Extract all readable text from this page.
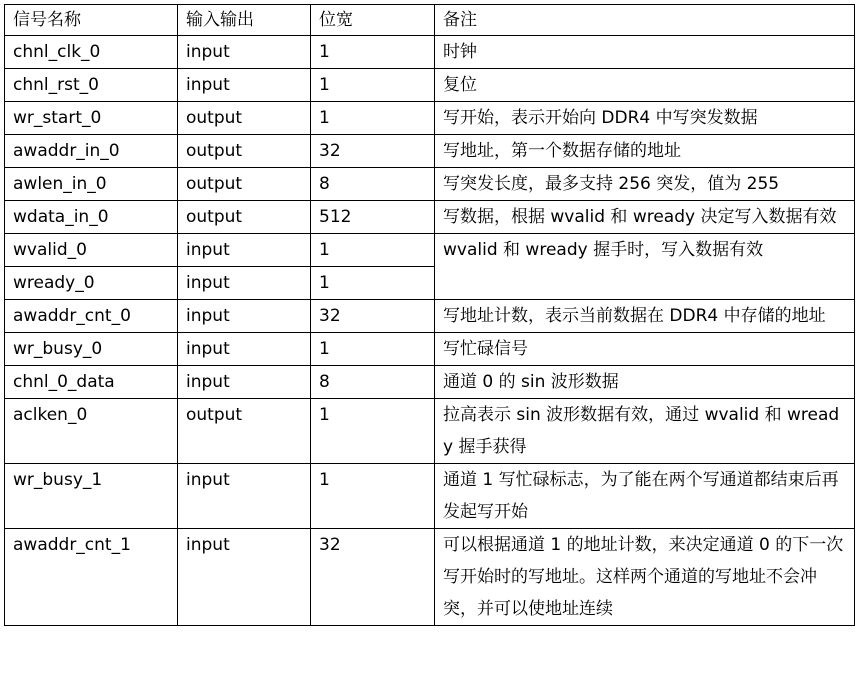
信号名称	输入输出	位宽	备注
chnl_clk_0	input	1	时钟
chnl_rst_0	input	1	复位
wr_start_0	output	1	写开始，表示开始向 DDR4 中写突发数据
awaddr_in_0	output	32	写地址，第一个数据存储的地址
awlen_in_0	output	8	写突发长度，最多支持 256 突发，值为 255
wdata_in_0	output	512	写数据，根据 wvalid 和 wready 决定写入数据有效
wvalid_0	input	1	wvalid 和 wready 握手时，写入数据有效
wready_0	input	1	
awaddr_cnt_0	input	32	写地址计数，表示当前数据在 DDR4 中存储的地址
wr_busy_0	input	1	写忙碌信号
chnl_0_data	input	8	通道 0 的 sin 波形数据
aclken_0	output	1	拉高表示 sin 波形数据有效，通过 wvalid 和 wready 握手获得
wr_busy_1	input	1	通道 1 写忙碌标志，为了能在两个写通道都结束后再发起写开始
awaddr_cnt_1	input	32	可以根据通道 1 的地址计数，来决定通道 0 的下一次写开始时的写地址。这样两个通道的写地址不会冲突，并可以使地址连续
